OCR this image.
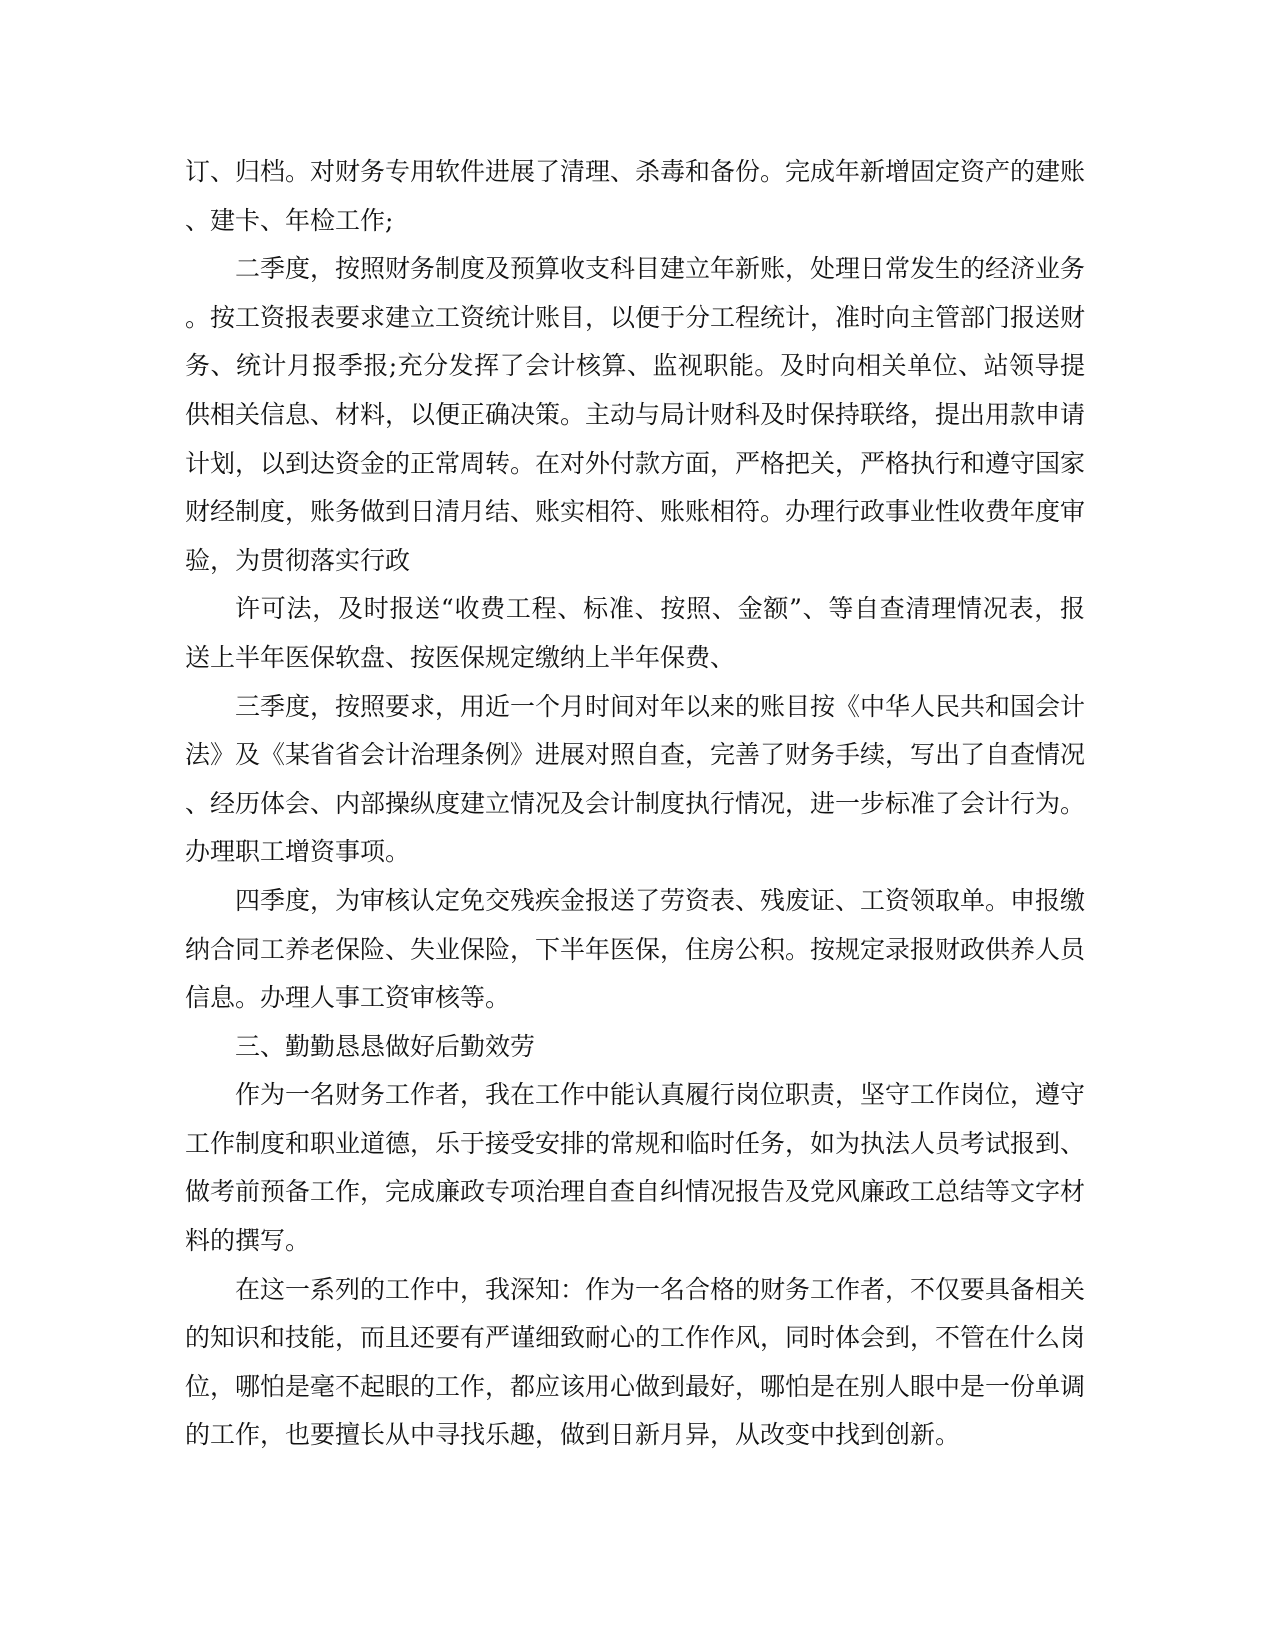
订、归档。对财务专用软件进展了清理、杀毒和备份。完成年新增固定资产的建账
、建卡、年检工作;

二季度，按照财务制度及预算收支科目建立年新账，处理日常发生的经济业务
。按工资报表要求建立工资统计账目，以便于分工程统计，准时向主管部门报送财
务、统计月报季报;充分发挥了会计核算、监视职能。及时向相关单位、站领导提
供相关信息、材料，以便正确决策。主动与局计财科及时保持联络，提出用款申请
计划，以到达资金的正常周转。在对外付款方面，严格把关，严格执行和遵守国家
财经制度，账务做到日清月结、账实相符、账账相符。办理行政事业性收费年度审
验，为贯彻落实行政

许可法，及时报送“收费工程、标准、按照、金额”、等自查清理情况表，报
送上半年医保软盘、按医保规定缴纳上半年保费、

三季度，按照要求，用近一个月时间对年以来的账目按《中华人民共和国会计
法》及《某省省会计治理条例》进展对照自查，完善了财务手续，写出了自查情况
、经历体会、内部操纵度建立情况及会计制度执行情况，进一步标准了会计行为。
办理职工增资事项。

四季度，为审核认定免交残疾金报送了劳资表、残废证、工资领取单。申报缴
纳合同工养老保险、失业保险，下半年医保，住房公积。按规定录报财政供养人员
信息。办理人事工资审核等。

三、勤勤恳恳做好后勤效劳

作为一名财务工作者，我在工作中能认真履行岗位职责，坚守工作岗位，遵守
工作制度和职业道德，乐于接受安排的常规和临时任务，如为执法人员考试报到、
做考前预备工作，完成廉政专项治理自查自纠情况报告及党风廉政工总结等文字材
料的撰写。

在这一系列的工作中，我深知：作为一名合格的财务工作者，不仅要具备相关
的知识和技能，而且还要有严谨细致耐心的工作作风，同时体会到，不管在什么岗
位，哪怕是毫不起眼的工作，都应该用心做到最好，哪怕是在别人眼中是一份单调
的工作，也要擅长从中寻找乐趣，做到日新月异，从改变中找到创新。
